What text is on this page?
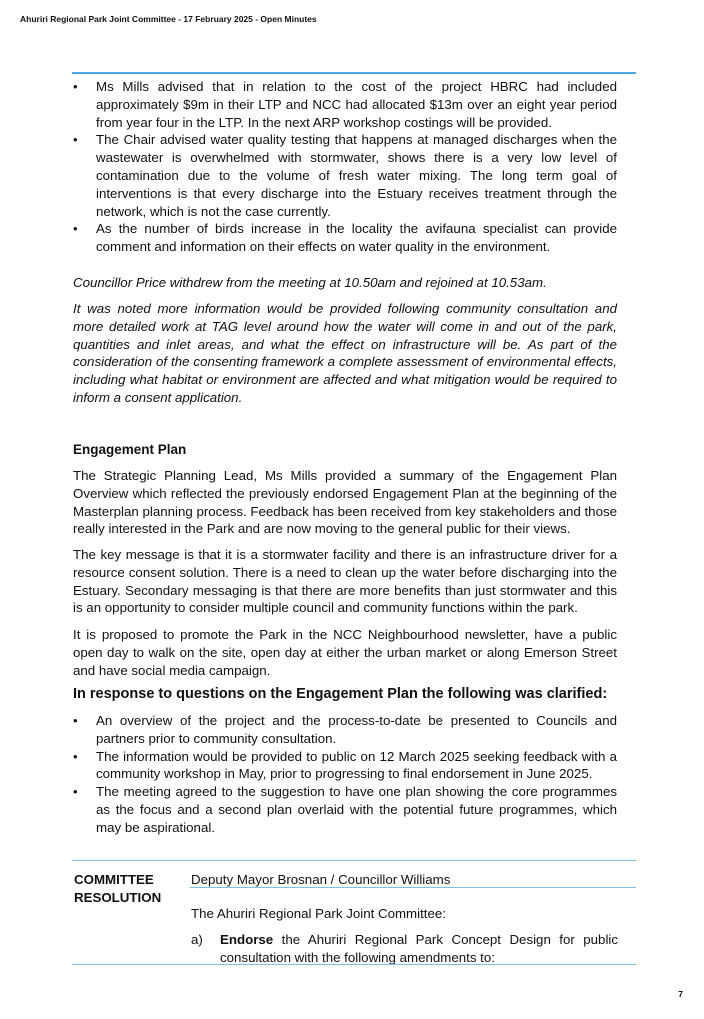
Ahuriri Regional Park Joint Committee - 17 February 2025 - Open Minutes
• Ms Mills advised that in relation to the cost of the project HBRC had included approximately $9m in their LTP and NCC had allocated $13m over an eight year period from year four in the LTP. In the next ARP workshop costings will be provided.
• The Chair advised water quality testing that happens at managed discharges when the wastewater is overwhelmed with stormwater, shows there is a very low level of contamination due to the volume of fresh water mixing. The long term goal of interventions is that every discharge into the Estuary receives treatment through the network, which is not the case currently.
• As the number of birds increase in the locality the avifauna specialist can provide comment and information on their effects on water quality in the environment.

Councillor Price withdrew from the meeting at 10.50am and rejoined at 10.53am.

It was noted more information would be provided following community consultation and more detailed work at TAG level around how the water will come in and out of the park, quantities and inlet areas, and what the effect on infrastructure will be. As part of the consideration of the consenting framework a complete assessment of environmental effects, including what habitat or environment are affected and what mitigation would be required to inform a consent application.

Engagement Plan

The Strategic Planning Lead, Ms Mills provided a summary of the Engagement Plan Overview which reflected the previously endorsed Engagement Plan at the beginning of the Masterplan planning process. Feedback has been received from key stakeholders and those really interested in the Park and are now moving to the general public for their views.

The key message is that it is a stormwater facility and there is an infrastructure driver for a resource consent solution. There is a need to clean up the water before discharging into the Estuary. Secondary messaging is that there are more benefits than just stormwater and this is an opportunity to consider multiple council and community functions within the park.

It is proposed to promote the Park in the NCC Neighbourhood newsletter, have a public open day to walk on the site, open day at either the urban market or along Emerson Street and have social media campaign.

In response to questions on the Engagement Plan the following was clarified:

• An overview of the project and the process-to-date be presented to Councils and partners prior to community consultation.
• The information would be provided to public on 12 March 2025 seeking feedback with a community workshop in May, prior to progressing to final endorsement in June 2025.
• The meeting agreed to the suggestion to have one plan showing the core programmes as the focus and a second plan overlaid with the potential future programmes, which may be aspirational.
COMMITTEE
RESOLUTION
Deputy Mayor Brosnan / Councillor Williams
The Ahuriri Regional Park Joint Committee:
a) Endorse the Ahuriri Regional Park Concept Design for public consultation with the following amendments to:
7
